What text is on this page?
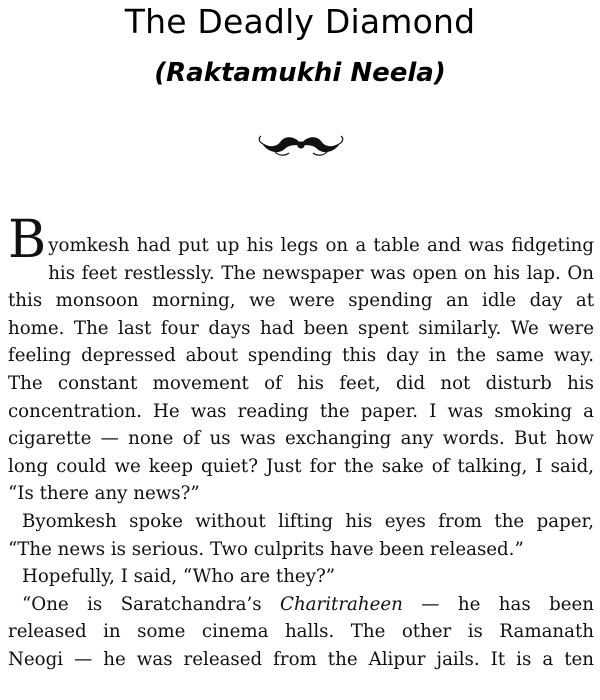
The Deadly Diamond
(Raktamukhi Neela)
B yomkesh had put up his legs on a table and was fidgeting
his feet restlessly. The newspaper was open on his lap. On
this monsoon morning, we were spending an idle day at
home. The last four days had been spent similarly. We were
feeling depressed about spending this day in the same way.
The constant movement of his feet, did not disturb his
concentration. He was reading the paper. I was smoking a
cigarette — none of us was exchanging any words. But how
long could we keep quiet? Just for the sake of talking, I said,
“Is there any news?”
Byomkesh spoke without lifting his eyes from the paper,
“The news is serious. Two culprits have been released.”
Hopefully, I said, “Who are they?”
“One is Saratchandra’s Charitraheen — he has been
released in some cinema halls. The other is Ramanath
Neogi — he was released from the Alipur jails. It is a ten
